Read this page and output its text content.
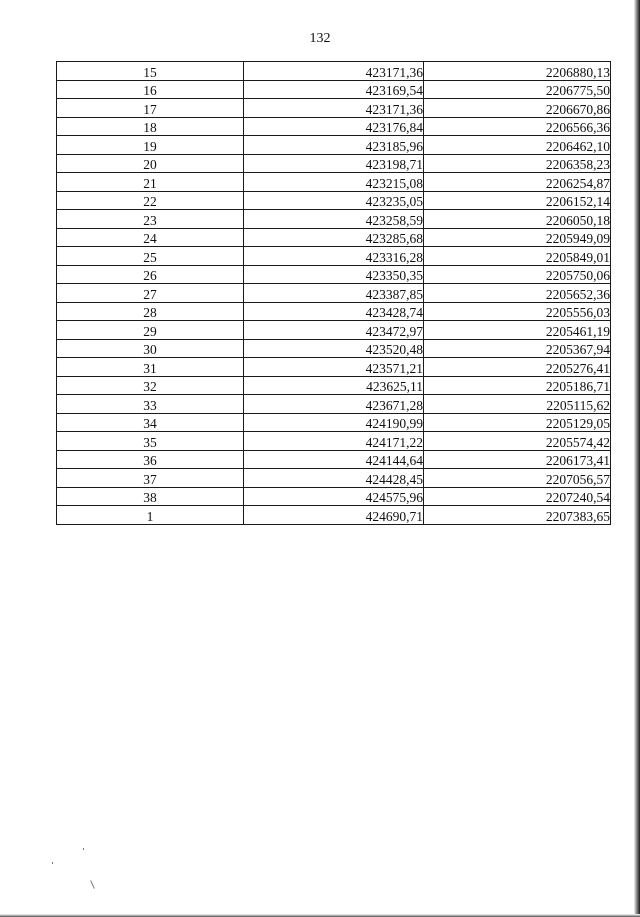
132
15	423171,36	2206880,13
16	423169,54	2206775,50
17	423171,36	2206670,86
18	423176,84	2206566,36
19	423185,96	2206462,10
20	423198,71	2206358,23
21	423215,08	2206254,87
22	423235,05	2206152,14
23	423258,59	2206050,18
24	423285,68	2205949,09
25	423316,28	2205849,01
26	423350,35	2205750,06
27	423387,85	2205652,36
28	423428,74	2205556,03
29	423472,97	2205461,19
30	423520,48	2205367,94
31	423571,21	2205276,41
32	423625,11	2205186,71
33	423671,28	2205115,62
34	424190,99	2205129,05
35	424171,22	2205574,42
36	424144,64	2206173,41
37	424428,45	2207056,57
38	424575,96	2207240,54
1	424690,71	2207383,65
